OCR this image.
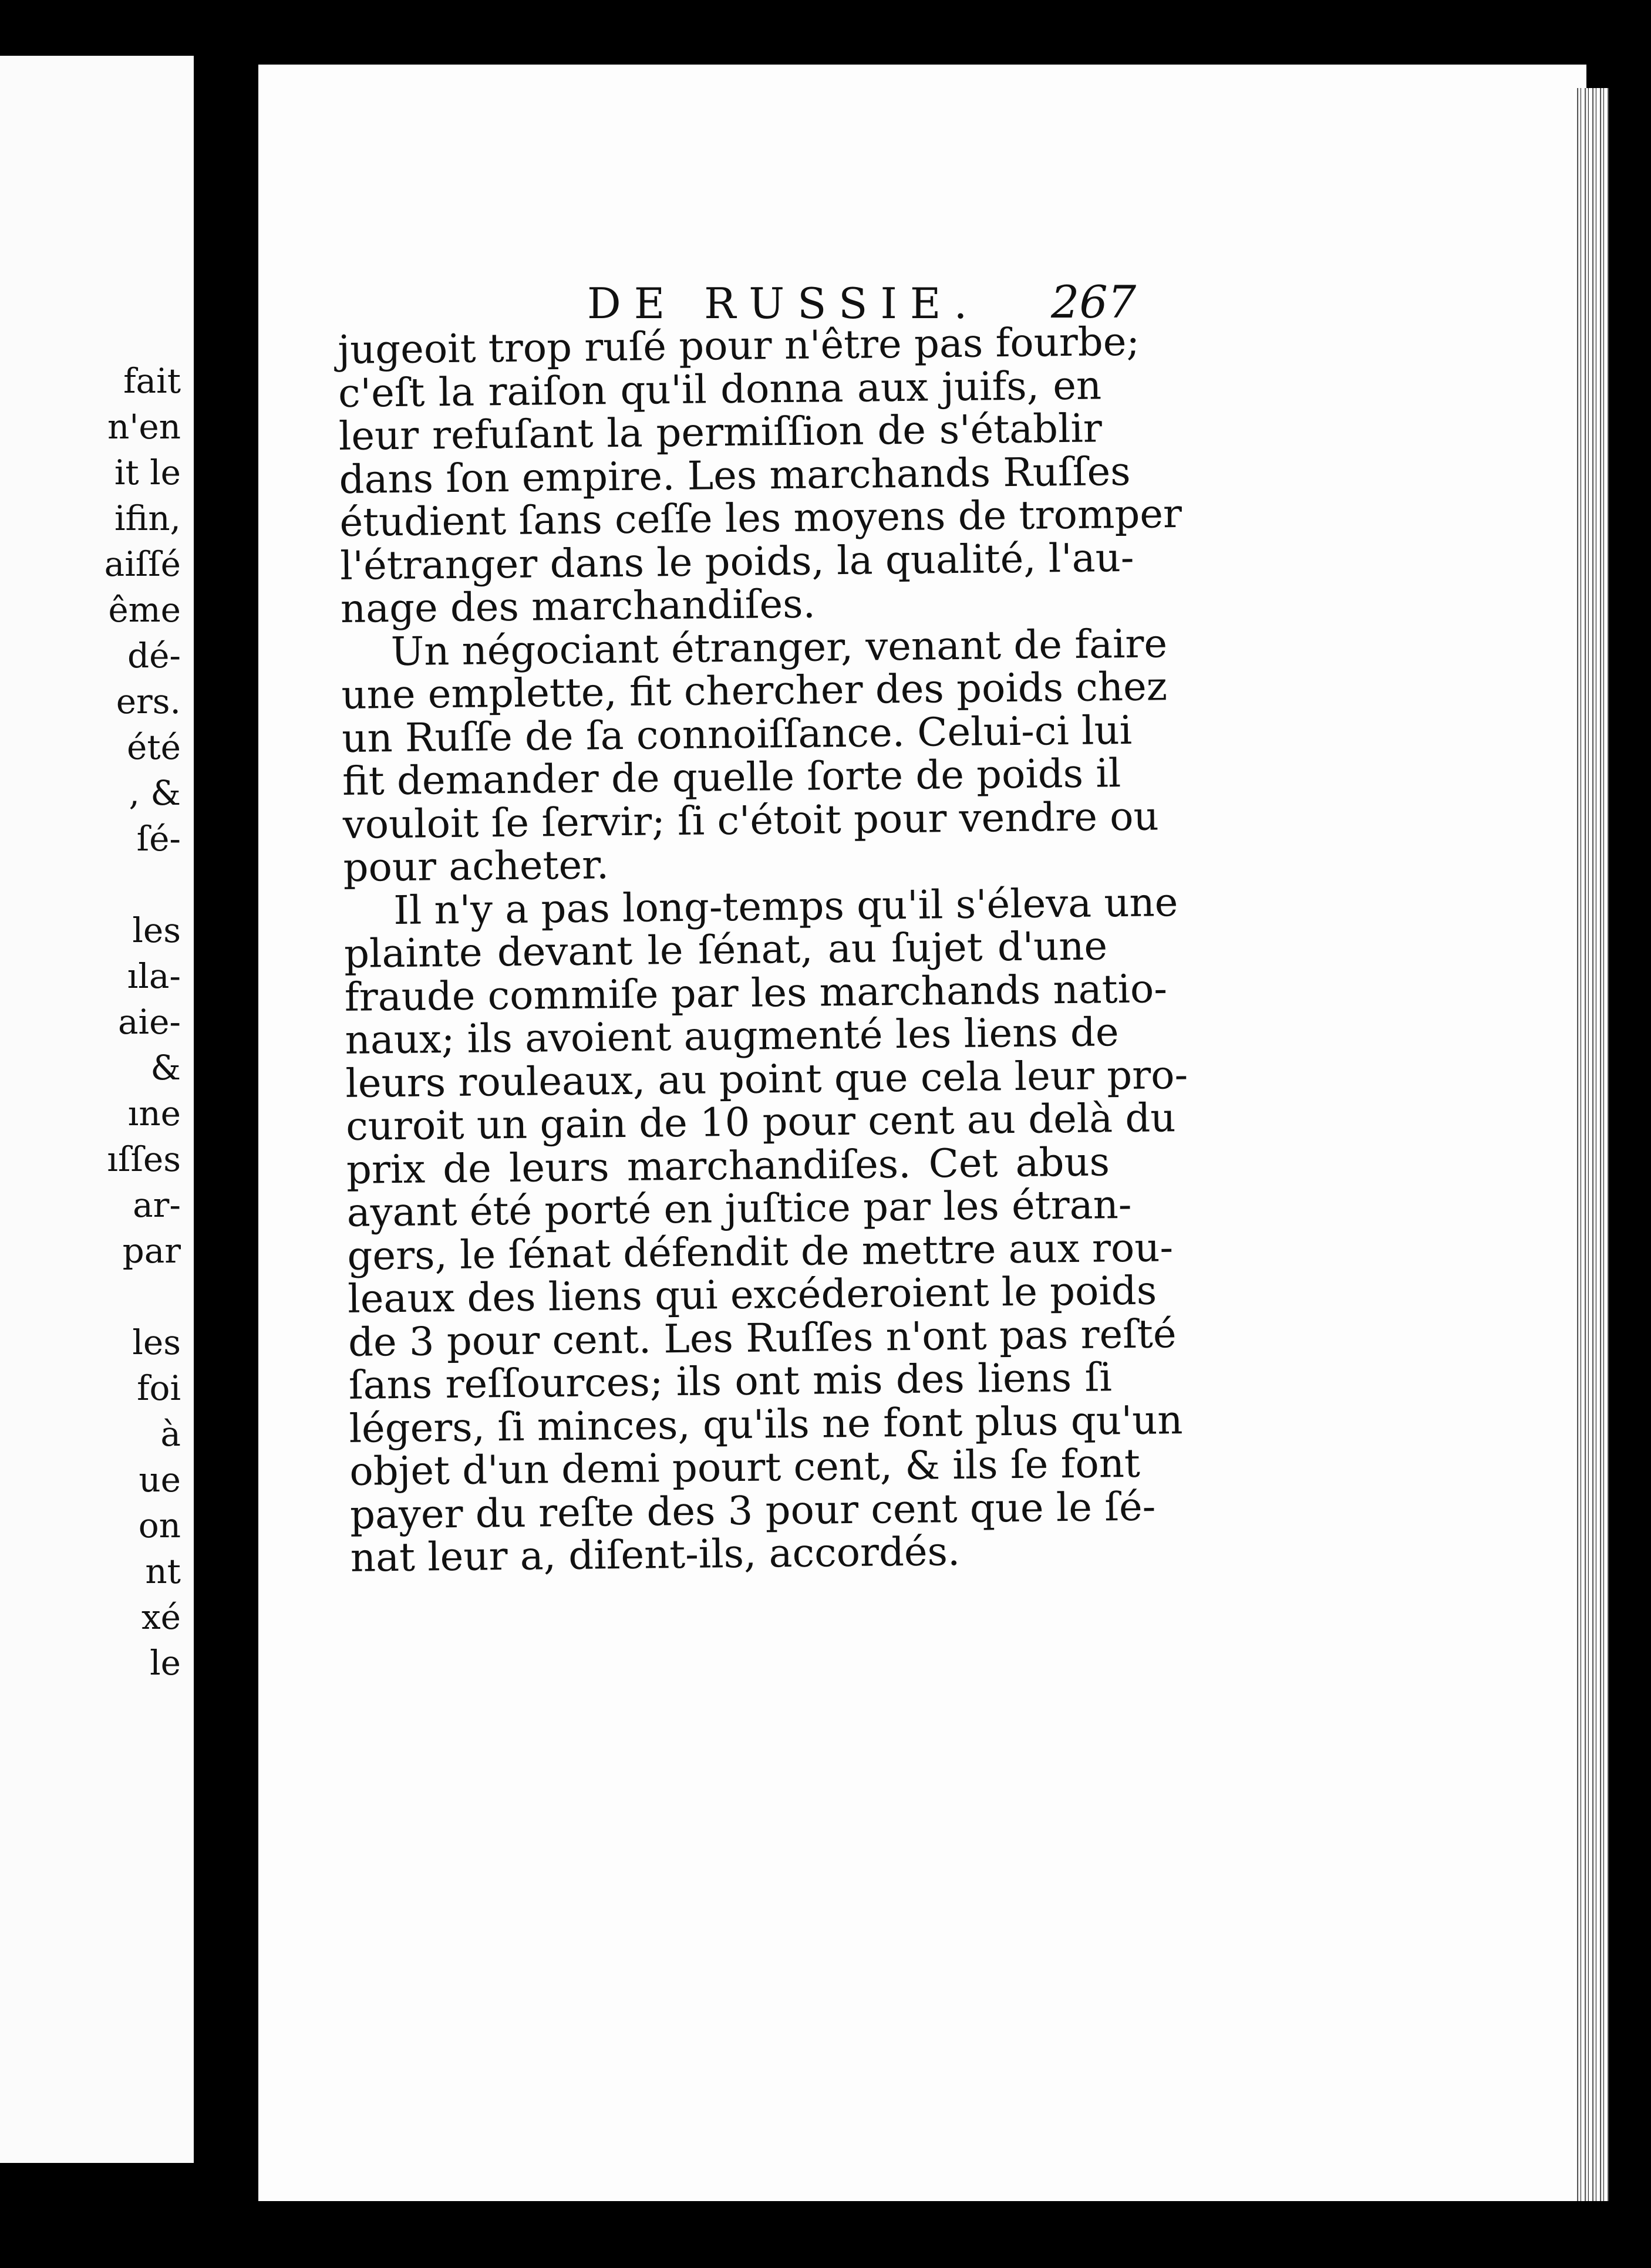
fait
n'en
it le
ifin,
aiſſé
ême
dé-
ers.
été
, &
ſé-
les
ıla-
aie-
&
ıne
ıſſes
ar-
par
les
foi
à
ue
on
nt
xé
le
DE RUSSIE. 267
jugeoit trop ruſé pour n'être pas fourbe;
c'eſt la raiſon qu'il donna aux juifs, en
leur refuſant la permiſſion de s'établir
dans ſon empire. Les marchands Ruſſes
étudient ſans ceſſe les moyens de tromper
l'étranger dans le poids, la qualité, l'au-
nage des marchandiſes.
Un négociant étranger, venant de faire
une emplette, fit chercher des poids chez
un Ruſſe de ſa connoiſſance. Celui-ci lui
fit demander de quelle ſorte de poids il
vouloit ſe ſervir; ſi c'étoit pour vendre ou
pour acheter.
Il n'y a pas long-temps qu'il s'éleva une
plainte devant le ſénat, au ſujet d'une
fraude commiſe par les marchands natio-
naux; ils avoient augmenté les liens de
leurs rouleaux, au point que cela leur pro-
curoit un gain de 10 pour cent au delà du
prix de leurs marchandiſes. Cet abus
ayant été porté en juſtice par les étran-
gers, le ſénat défendit de mettre aux rou-
leaux des liens qui excéderoient le poids
de 3 pour cent. Les Ruſſes n'ont pas reſté
ſans reſſources; ils ont mis des liens ſi
légers, ſi minces, qu'ils ne font plus qu'un
objet d'un demi pourt cent, & ils ſe font
payer du reſte des 3 pour cent que le ſé-
nat leur a, diſent-ils, accordés.
